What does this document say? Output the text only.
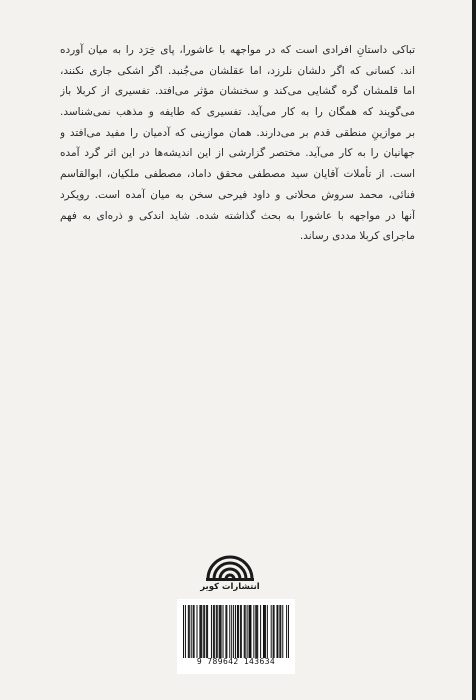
تباکی داستانِ افرادی است که در مواجهه با عاشورا، پای خِرَد را به میان آورده
اند. کسانی که اگر دلشان نلرزد، اما عقلشان می‌جُنبد. اگر اشکی جاری نکنند،
اما قلمشان گره گشایی می‌کند و سخنشان مؤثر می‌افتد. تفسیری از کربلا باز
می‌گویند که همگان را به کار می‌آید. تفسیری که طایفه و مذهب نمی‌شناسد.
بر موازینِ منطقی قدم بر می‌دارند. همان موازینی که آدمیان را مفید می‌افتد و
جهانیان را به کار می‌آید. مختصر گزارشی از این اندیشه‌ها در این اثر گرد آمده
است. از تأملات آقایان سید مصطفی محقق داماد، مصطفی ملکیان، ابوالقاسم
فنائی، محمد سروش محلاتی و داود فیرحی سخن به میان آمده است. رویکرد
آنها در مواجهه با عاشورا به بحث گذاشته شده. شاید اندکی و ذره‌ای به فهم
ماجرای کربلا مددی رساند.
انتشارات کویر
9 789642 143634
